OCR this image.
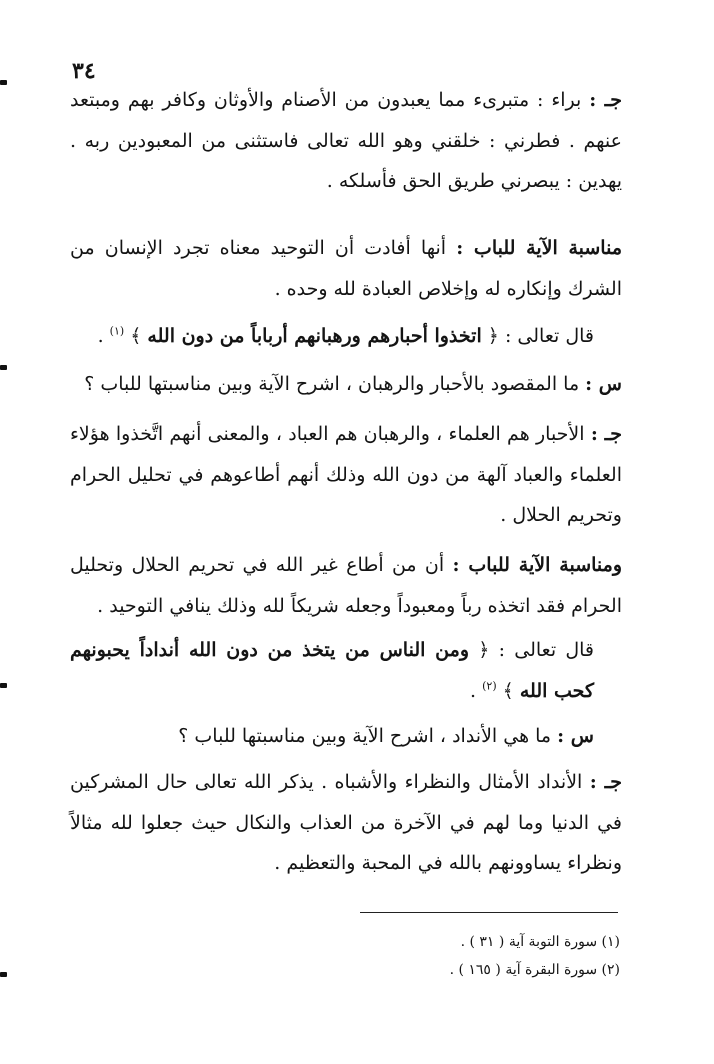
٣٤

جـ : براء : متبرىء مما يعبدون من الأصنام والأوثان وكافر بهم ومبتعد عنهم . فطرني : خلقني وهو الله تعالى فاستثنى من المعبودين ربه . يهدين : يبصرني طريق الحق فأسلكه .

مناسبة الآية للباب : أنها أفادت أن التوحيد معناه تجرد الإنسان من الشرك وإنكاره له وإخلاص العبادة لله وحده .

قال تعالى : ﴿ اتخذوا أحبارهم ورهبانهم أرباباً من دون الله ﴾ $^{(١)}$ .

س : ما المقصود بالأحبار والرهبان ، اشرح الآية وبين مناسبتها للباب ؟

جـ : الأحبار هم العلماء ، والرهبان هم العباد ، والمعنى أنهم اتَّخذوا هؤلاء العلماء والعباد آلهة من دون الله وذلك أنهم أطاعوهم في تحليل الحرام وتحريم الحلال .

ومناسبة الآية للباب : أن من أطاع غير الله في تحريم الحلال وتحليل الحرام فقد اتخذه رباً ومعبوداً وجعله شريكاً لله وذلك ينافي التوحيد .

قال تعالى : ﴿ ومن الناس من يتخذ من دون الله أنداداً يحبونهم كحب الله ﴾ $^{(٢)}$ .

س : ما هي الأنداد ، اشرح الآية وبين مناسبتها للباب ؟

جـ : الأنداد الأمثال والنظراء والأشباه . يذكر الله تعالى حال المشركين في الدنيا وما لهم في الآخرة من العذاب والنكال حيث جعلوا لله مثالاً ونظراء يساوونهم بالله في المحبة والتعظيم .

(١) سورة التوبة آية ( ٣١ ) .
(٢) سورة البقرة آية ( ١٦٥ ) .
